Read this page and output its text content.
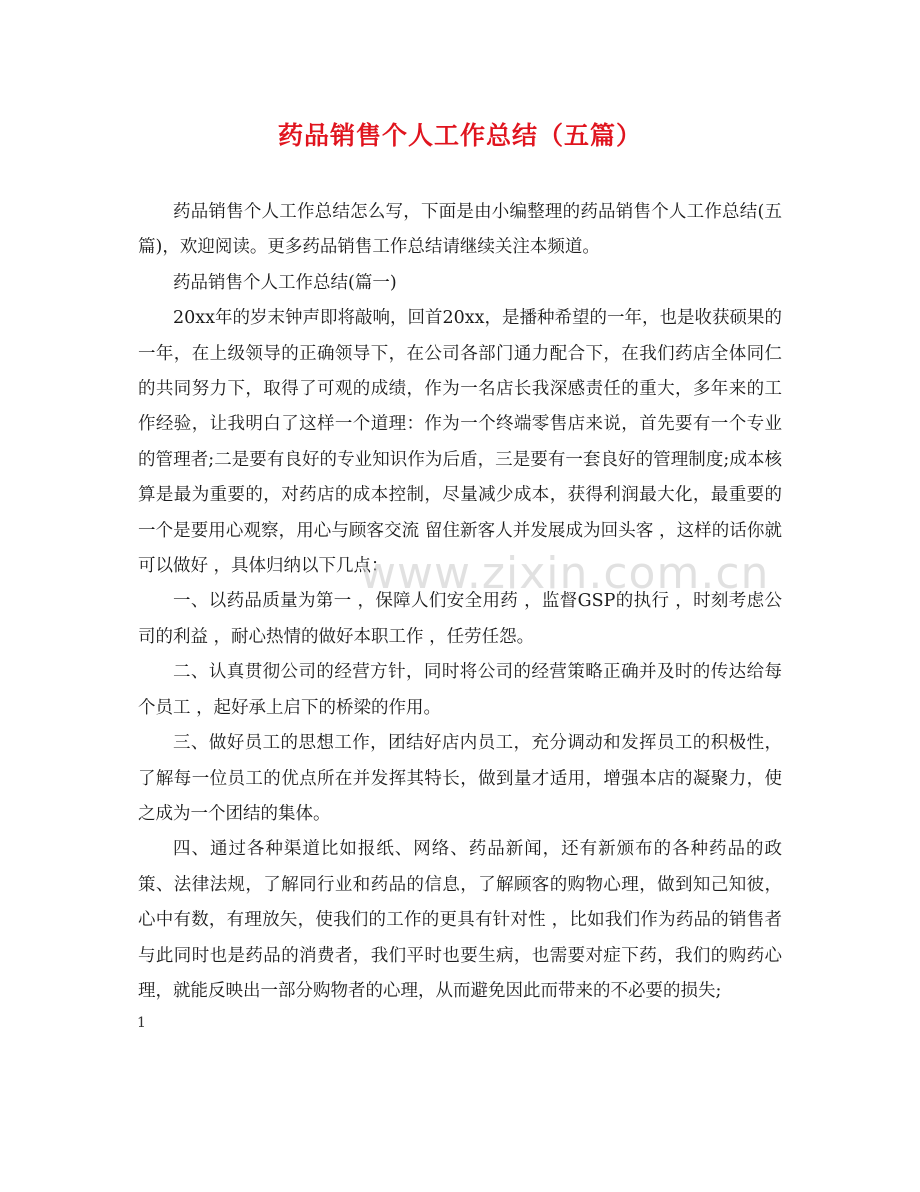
药品销售个人工作总结（五篇）

药品销售个人工作总结怎么写，下面是由小编整理的药品销售个人工作总结(五篇)，欢迎阅读。更多药品销售工作总结请继续关注本频道。

药品销售个人工作总结(篇一)

20xx年的岁末钟声即将敲响，回首20xx，是播种希望的一年，也是收获硕果的一年，在上级领导的正确领导下，在公司各部门通力配合下，在我们药店全体同仁的共同努力下，取得了可观的成绩，作为一名店长我深感责任的重大，多年来的工作经验，让我明白了这样一个道理：作为一个终端零售店来说，首先要有一个专业的管理者;二是要有良好的专业知识作为后盾，三是要有一套良好的管理制度;成本核算是最为重要的，对药店的成本控制，尽量减少成本，获得利润最大化，最重要的一个是要用心观察，用心与顾客交流 留住新客人并发展成为回头客 ，这样的话你就可以做好 ，具体归纳以下几点：

一、以药品质量为第一 ，保障人们安全用药 ，监督GSP的执行 ，时刻考虑公司的利益 ，耐心热情的做好本职工作 ，任劳任怨。

二、认真贯彻公司的经营方针，同时将公司的经营策略正确并及时的传达给每个员工 ，起好承上启下的桥梁的作用。

三、做好员工的思想工作，团结好店内员工，充分调动和发挥员工的积极性，了解每一位员工的优点所在并发挥其特长，做到量才适用，增强本店的凝聚力，使之成为一个团结的集体。

四、通过各种渠道比如报纸、网络、药品新闻，还有新颁布的各种药品的政策、法律法规，了解同行业和药品的信息，了解顾客的购物心理，做到知己知彼，心中有数，有理放矢，使我们的工作的更具有针对性 ，比如我们作为药品的销售者与此同时也是药品的消费者，我们平时也要生病，也需要对症下药，我们的购药心理，就能反映出一部分购物者的心理，从而避免因此而带来的不必要的损失;

www.zixin.com.cn
1
